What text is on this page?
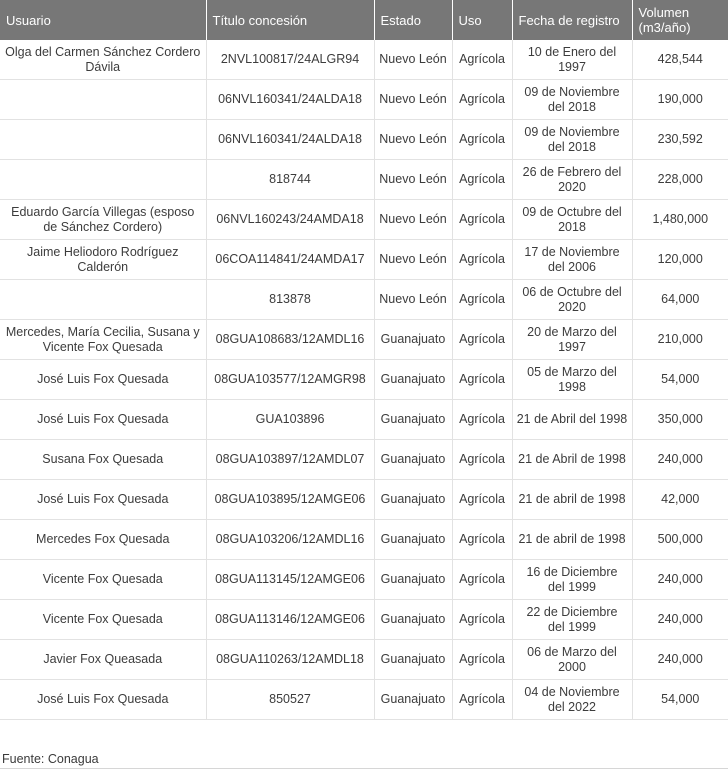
Usuario	Título concesión	Estado	Uso	Fecha de registro	Volumen
(m3/año)
Olga del Carmen Sánchez Cordero Dávila	2NVL100817/24ALGR94	Nuevo León	Agrícola	10 de Enero del 1997	428,544
	06NVL160341/24ALDA18	Nuevo León	Agrícola	09 de Noviembre del 2018	190,000
	06NVL160341/24ALDA18	Nuevo León	Agrícola	09 de Noviembre del 2018	230,592
	818744	Nuevo León	Agrícola	26 de Febrero del 2020	228,000
Eduardo García Villegas (esposo de Sánchez Cordero)	06NVL160243/24AMDA18	Nuevo León	Agrícola	09 de Octubre del 2018	1,480,000
Jaime Heliodoro Rodríguez Calderón	06COA114841/24AMDA17	Nuevo León	Agrícola	17 de Noviembre del 2006	120,000
	813878	Nuevo León	Agrícola	06 de Octubre del 2020	64,000
Mercedes, María Cecilia, Susana y Vicente Fox Quesada	08GUA108683/12AMDL16	Guanajuato	Agrícola	20 de Marzo del 1997	210,000
José Luis Fox Quesada	08GUA103577/12AMGR98	Guanajuato	Agrícola	05 de Marzo del 1998	54,000
José Luis Fox Quesada	GUA103896	Guanajuato	Agrícola	21 de Abril del 1998	350,000
Susana Fox Quesada	08GUA103897/12AMDL07	Guanajuato	Agrícola	21 de Abril de 1998	240,000
José Luis Fox Quesada	08GUA103895/12AMGE06	Guanajuato	Agrícola	21 de abril de 1998	42,000
Mercedes Fox Quesada	08GUA103206/12AMDL16	Guanajuato	Agrícola	21 de abril de 1998	500,000
Vicente Fox Quesada	08GUA113145/12AMGE06	Guanajuato	Agrícola	16 de Diciembre del 1999	240,000
Vicente Fox Quesada	08GUA113146/12AMGE06	Guanajuato	Agrícola	22 de Diciembre del 1999	240,000
Javier Fox Queasada	08GUA110263/12AMDL18	Guanajuato	Agrícola	06 de Marzo del 2000	240,000
José Luis Fox Quesada	850527	Guanajuato	Agrícola	04 de Noviembre del 2022	54,000
Fuente: Conagua
